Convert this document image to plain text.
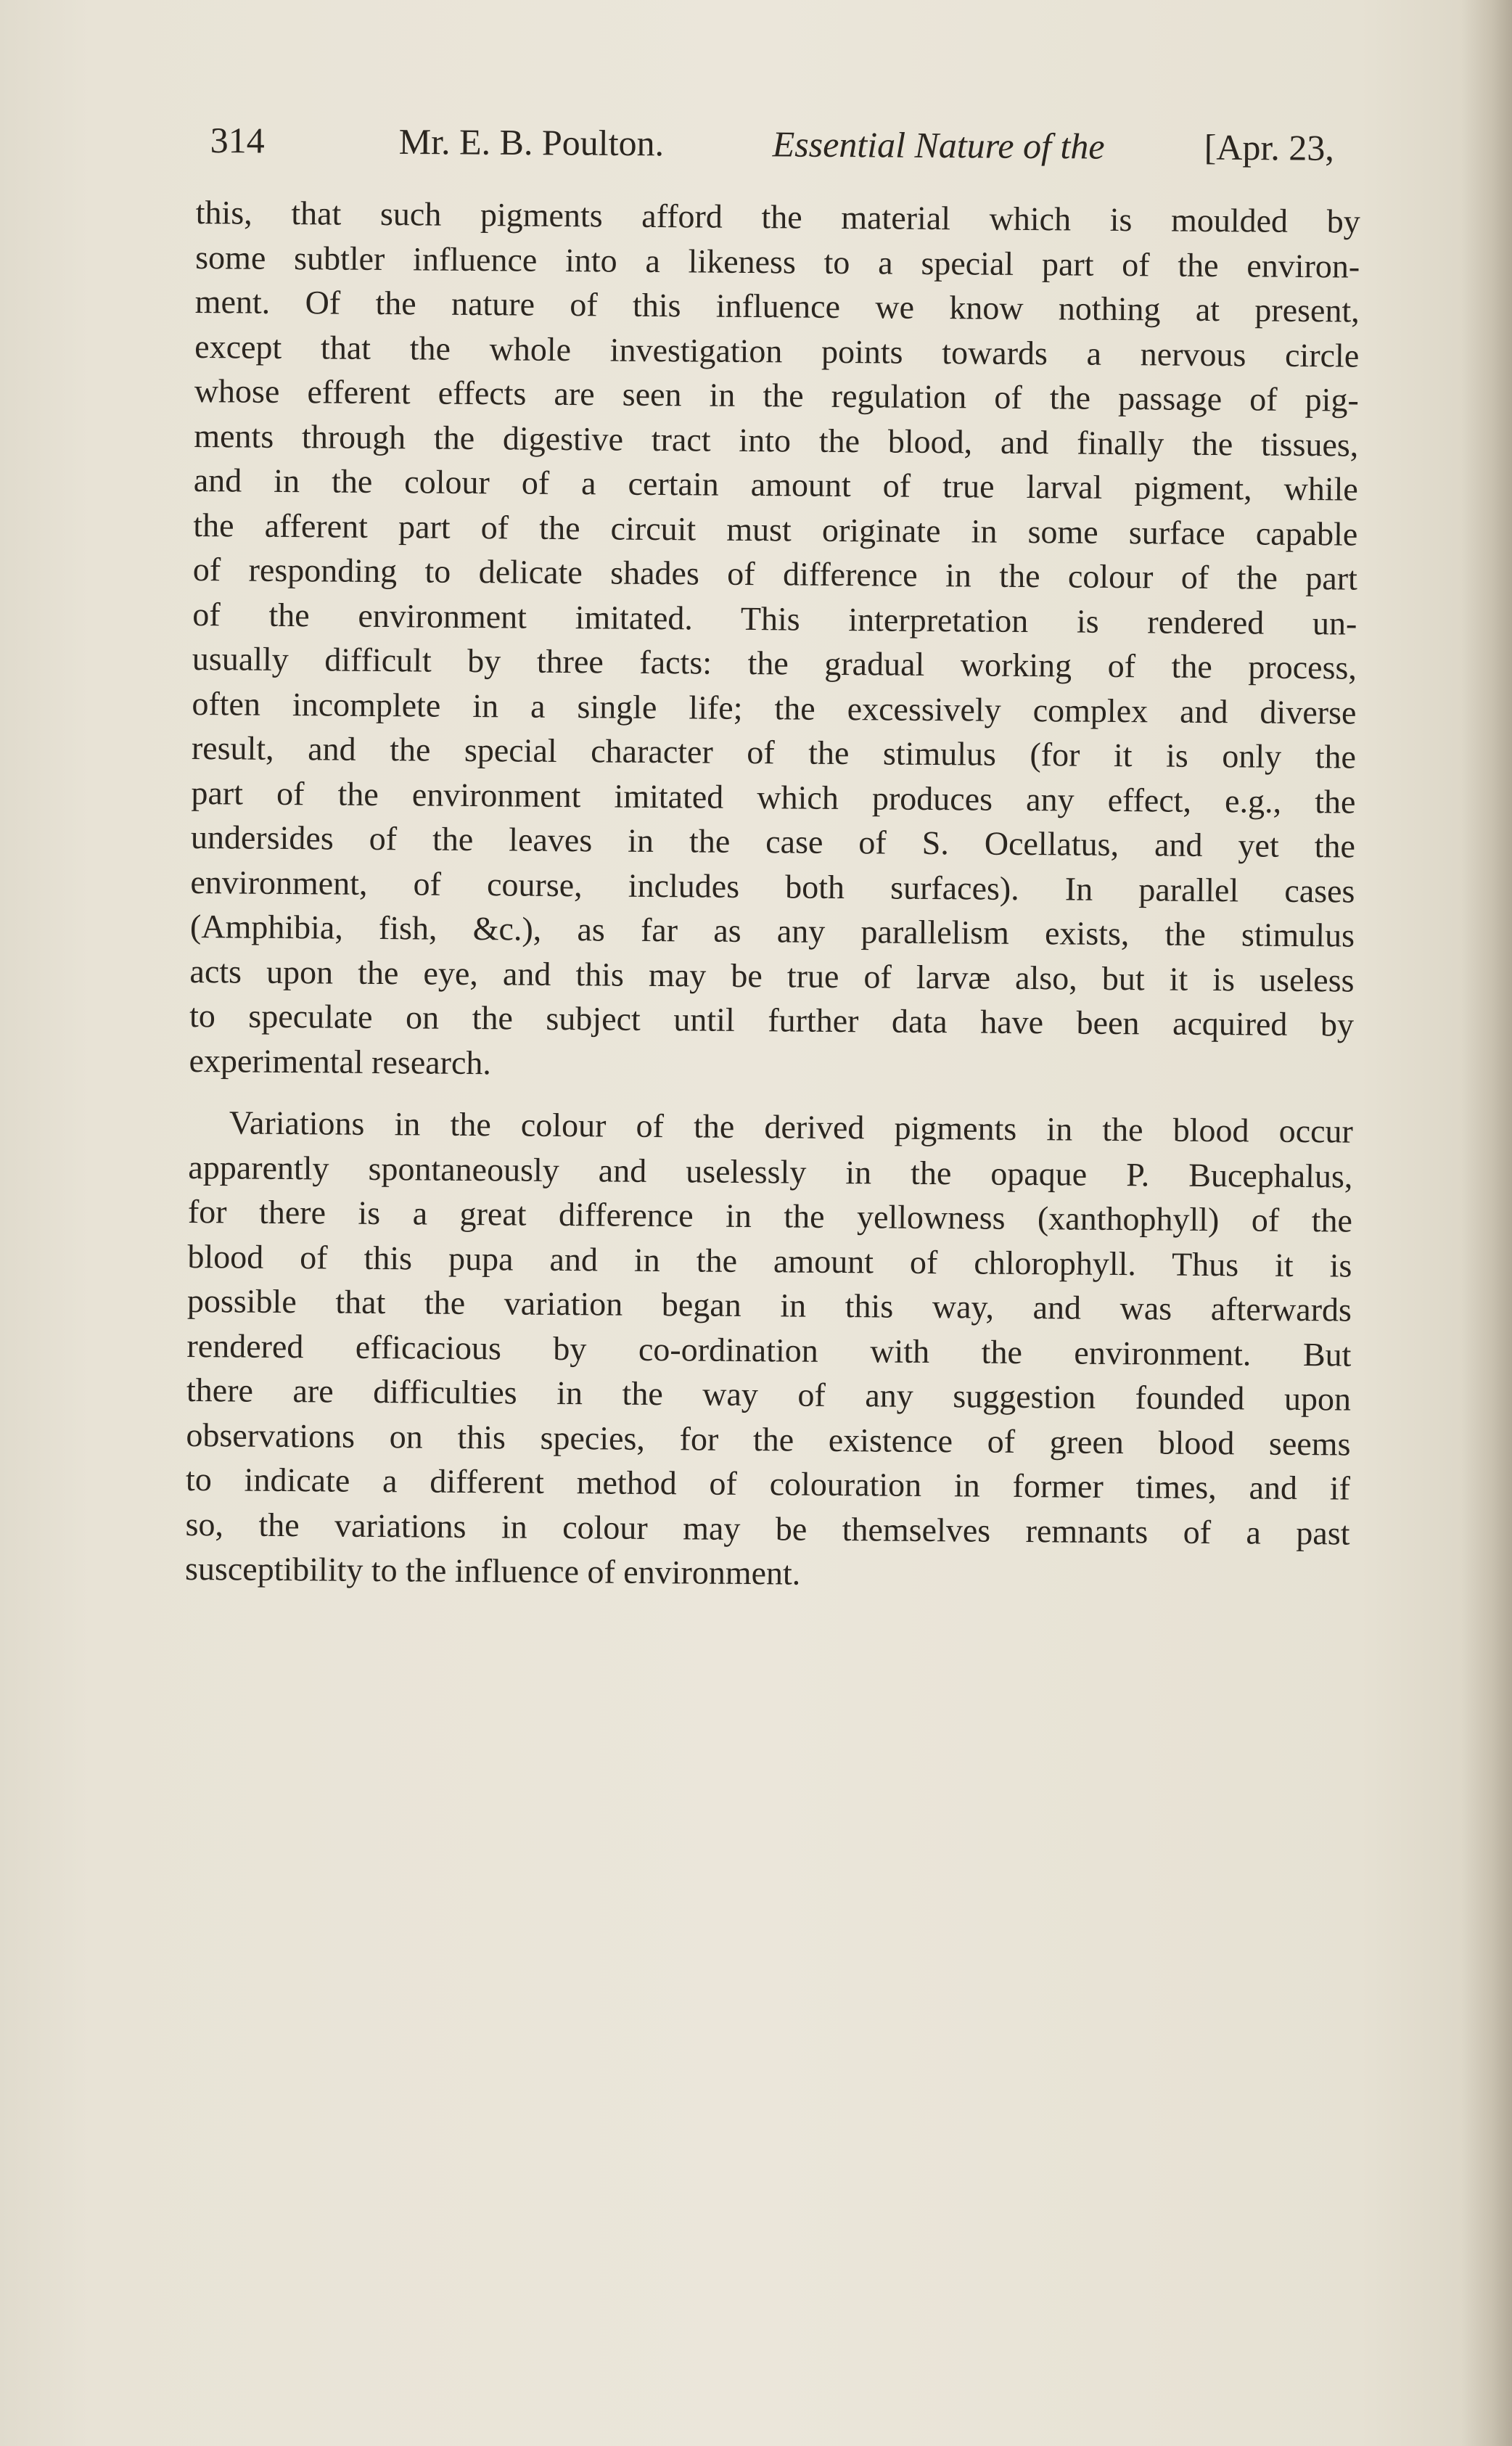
314	Mr. E. B. Poulton.	Essential Nature of the	[Apr. 23,

this, that such pigments afford the material which is moulded by

some subtler influence into a likeness to a special part of the environ-

ment. Of the nature of this influence we know nothing at present,

except that the whole investigation points towards a nervous circle

whose efferent effects are seen in the regulation of the passage of pig-

ments through the digestive tract into the blood, and finally the tissues,

and in the colour of a certain amount of true larval pigment, while

the afferent part of the circuit must originate in some surface capable

of responding to delicate shades of difference in the colour of the part

of the environment imitated. This interpretation is rendered un-

usually difficult by three facts: the gradual working of the process,

often incomplete in a single life; the excessively complex and diverse

result, and the special character of the stimulus (for it is only the

part of the environment imitated which produces any effect, e.g., the

undersides of the leaves in the case of S. Ocellatus, and yet the

environment, of course, includes both surfaces). In parallel cases

(Amphibia, fish, &c.), as far as any parallelism exists, the stimulus

acts upon the eye, and this may be true of larvæ also, but it is useless

to speculate on the subject until further data have been acquired by

experimental research.

Variations in the colour of the derived pigments in the blood occur

apparently spontaneously and uselessly in the opaque P. Bucephalus,

for there is a great difference in the yellowness (xanthophyll) of the

blood of this pupa and in the amount of chlorophyll. Thus it is

possible that the variation began in this way, and was afterwards

rendered efficacious by co-ordination with the environment. But

there are difficulties in the way of any suggestion founded upon

observations on this species, for the existence of green blood seems

to indicate a different method of colouration in former times, and if

so, the variations in colour may be themselves remnants of a past

susceptibility to the influence of environment.
